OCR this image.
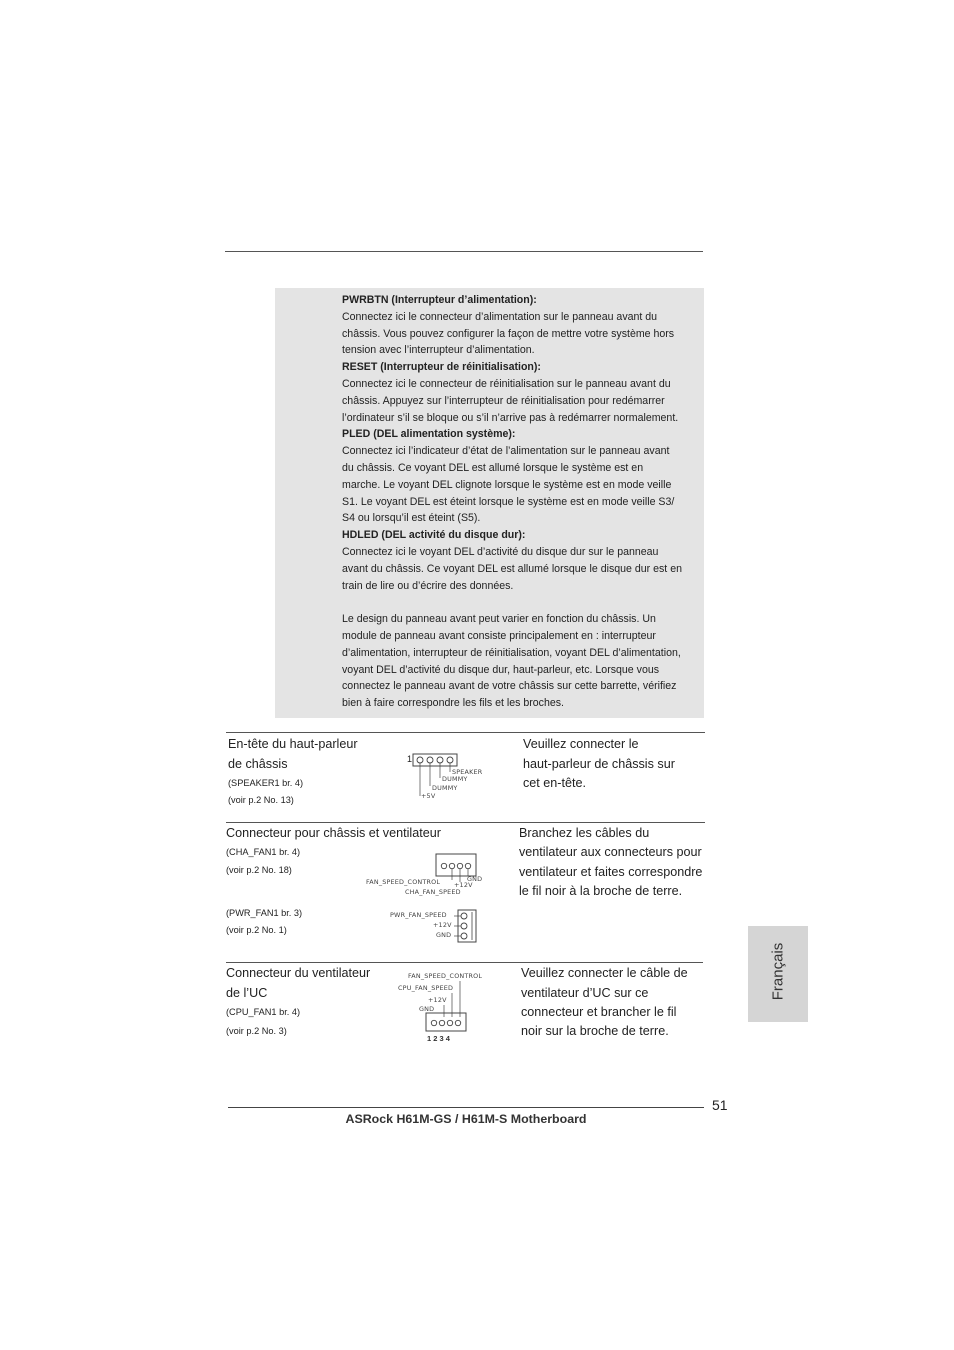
PWRBTN (Interrupteur d’alimentation):

Connectez ici le connecteur d’alimentation sur le panneau avant du

châssis. Vous pouvez configurer la façon de mettre votre système hors

tension avec l’interrupteur d’alimentation.

RESET (Interrupteur de réinitialisation):

Connectez ici le connecteur de réinitialisation sur le panneau avant du

châssis. Appuyez sur l’interrupteur de réinitialisation pour redémarrer

l’ordinateur s’il se bloque ou s’il n’arrive pas à redémarrer normalement.

PLED (DEL alimentation système):

Connectez ici l’indicateur d’état de l’alimentation sur le panneau avant

du châssis. Ce voyant DEL est allumé lorsque le système est en

marche. Le voyant DEL clignote lorsque le système est en mode veille

S1. Le voyant DEL est éteint lorsque le système est en mode veille S3/

S4 ou lorsqu’il est éteint (S5).

HDLED (DEL activité du disque dur):

Connectez ici le voyant DEL d’activité du disque dur sur le panneau

avant du châssis. Ce voyant DEL est allumé lorsque le disque dur est en

train de lire ou d’écrire des données.

Le design du panneau avant peut varier en fonction du châssis. Un

module de panneau avant consiste principalement en : interrupteur

d’alimentation, interrupteur de réinitialisation, voyant DEL d’alimentation,

voyant DEL d’activité du disque dur, haut-parleur, etc. Lorsque vous

connectez le panneau avant de votre châssis sur cette barrette, vérifiez

bien à faire correspondre les fils et les broches.

En-tête du haut-parleur
de châssis
(SPEAKER1 br. 4)
(voir p.2 No. 13)
1
SPEAKER
DUMMY
DUMMY
+5V
Veuillez connecter le
haut-parleur de châssis sur
cet en-tête.
Connecteur pour châssis et ventilateur
(CHA_FAN1 br. 4)
(voir p.2 No. 18)
GND
+12V
FAN_SPEED_CONTROL
CHA_FAN_SPEED
(PWR_FAN1 br. 3)
(voir p.2 No. 1)
PWR_FAN_SPEED
+12V
GND
Branchez les câbles du
ventilateur aux connecteurs pour
ventilateur et faites correspondre
le fil noir à la broche de terre.
Connecteur du ventilateur
de l’UC
(CPU_FAN1 br. 4)
(voir p.2 No. 3)
FAN_SPEED_CONTROL
CPU_FAN_SPEED
+12V
GND
1 2 3 4
Veuillez connecter le câble de
ventilateur d’UC sur ce
connecteur et brancher le fil
noir sur la broche de terre.
Français
51
ASRock H61M-GS / H61M-S Motherboard
